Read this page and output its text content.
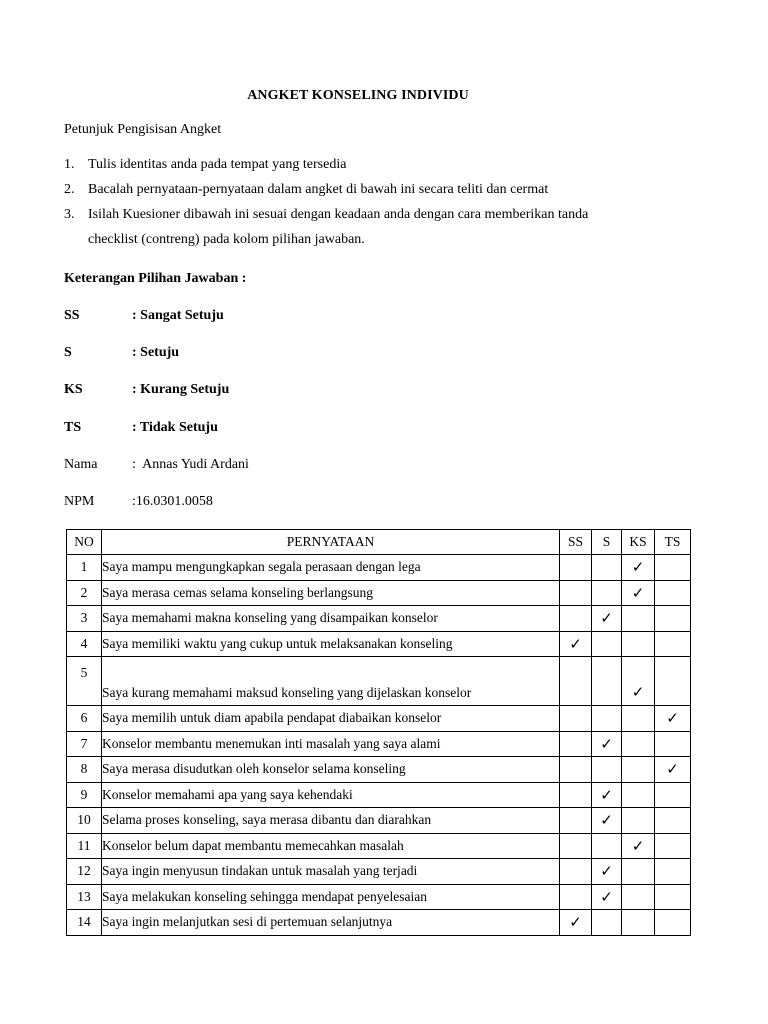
ANGKET KONSELING INDIVIDU
Petunjuk Pengisisan Angket
1. Tulis identitas anda pada tempat yang tersedia
2. Bacalah pernyataan-pernyataan dalam angket di bawah ini secara teliti dan cermat
3. Isilah Kuesioner dibawah ini sesuai dengan keadaan anda dengan cara memberikan tanda
checklist (contreng) pada kolom pilihan jawaban.
Keterangan Pilihan Jawaban :
SS	: Sangat Setuju
S	: Setuju
KS	: Kurang Setuju
TS	: Tidak Setuju
Nama :  Annas Yudi Ardani
NPM	:16.0301.0058
NO	PERNYATAAN	SS	S	KS	TS
1	Saya mampu mengungkapkan segala perasaan dengan lega			✓	
2	Saya merasa cemas selama konseling berlangsung			✓	
3	Saya memahami makna konseling yang disampaikan konselor		✓		
4	Saya memiliki waktu yang cukup untuk melaksanakan konseling	✓			
5	Saya kurang memahami maksud konseling yang dijelaskan konselor			✓	
6	Saya memilih untuk diam apabila pendapat diabaikan konselor				✓
7	Konselor membantu menemukan inti masalah yang saya alami		✓		
8	Saya merasa disudutkan oleh konselor selama konseling				✓
9	Konselor memahami apa yang saya kehendaki		✓		
10	Selama proses konseling, saya merasa dibantu dan diarahkan		✓		
11	Konselor belum dapat membantu memecahkan masalah			✓	
12	Saya ingin menyusun tindakan untuk masalah yang terjadi		✓		
13	Saya melakukan konseling sehingga mendapat penyelesaian		✓		
14	Saya ingin melanjutkan sesi di pertemuan selanjutnya	✓			
